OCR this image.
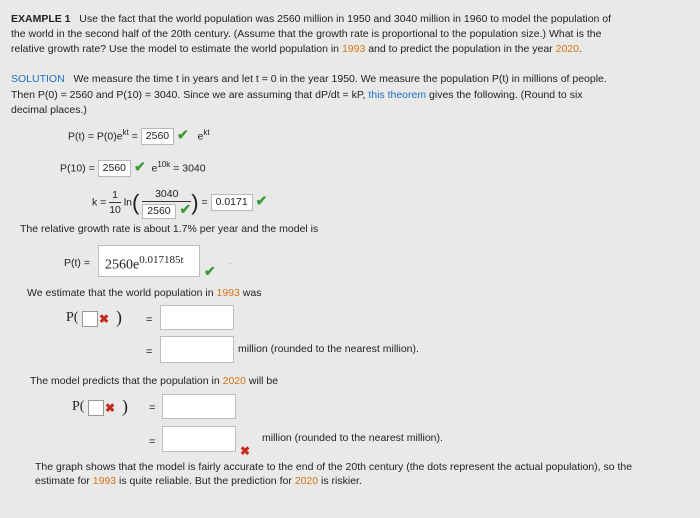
EXAMPLE 1 Use the fact that the world population was 2560 million in 1950 and 3040 million in 1960 to model the population of
the world in the second half of the 20th century. (Assume that the growth rate is proportional to the population size.) What is the
relative growth rate? Use the model to estimate the world population in 1993 and to predict the population in the year 2020.
SOLUTION We measure the time t in years and let t = 0 in the year 1950. We measure the population P(t) in millions of people.
Then P(0) = 2560 and P(10) = 3040. Since we are assuming that dP/dt = kP, this theorem gives the following. (Round to six
decimal places.)
$P(t) = P(0)e^{kt} = 2560$ ✔ $e^{kt}$
P(10) = 2560 ✔ $e^{10k} = 3040$
$k = \frac{1}{10} \ln( \frac{3040}{2560 ✔}$ ) = 0.0171 ✔
The relative growth rate is about 1.7% per year and the model is
$P(t) = 2560e^{0.017185t}$
✔
.
We estimate that the world population in 1993 was
P( ✖ ) =
=	million (rounded to the nearest million).
The model predicts that the population in 2020 will be
P( ✖ ) =
=
✖
million (rounded to the nearest million).
The graph shows that the model is fairly accurate to the end of the 20th century (the dots represent the actual population), so the
estimate for 1993 is quite reliable. But the prediction for 2020 is riskier.
